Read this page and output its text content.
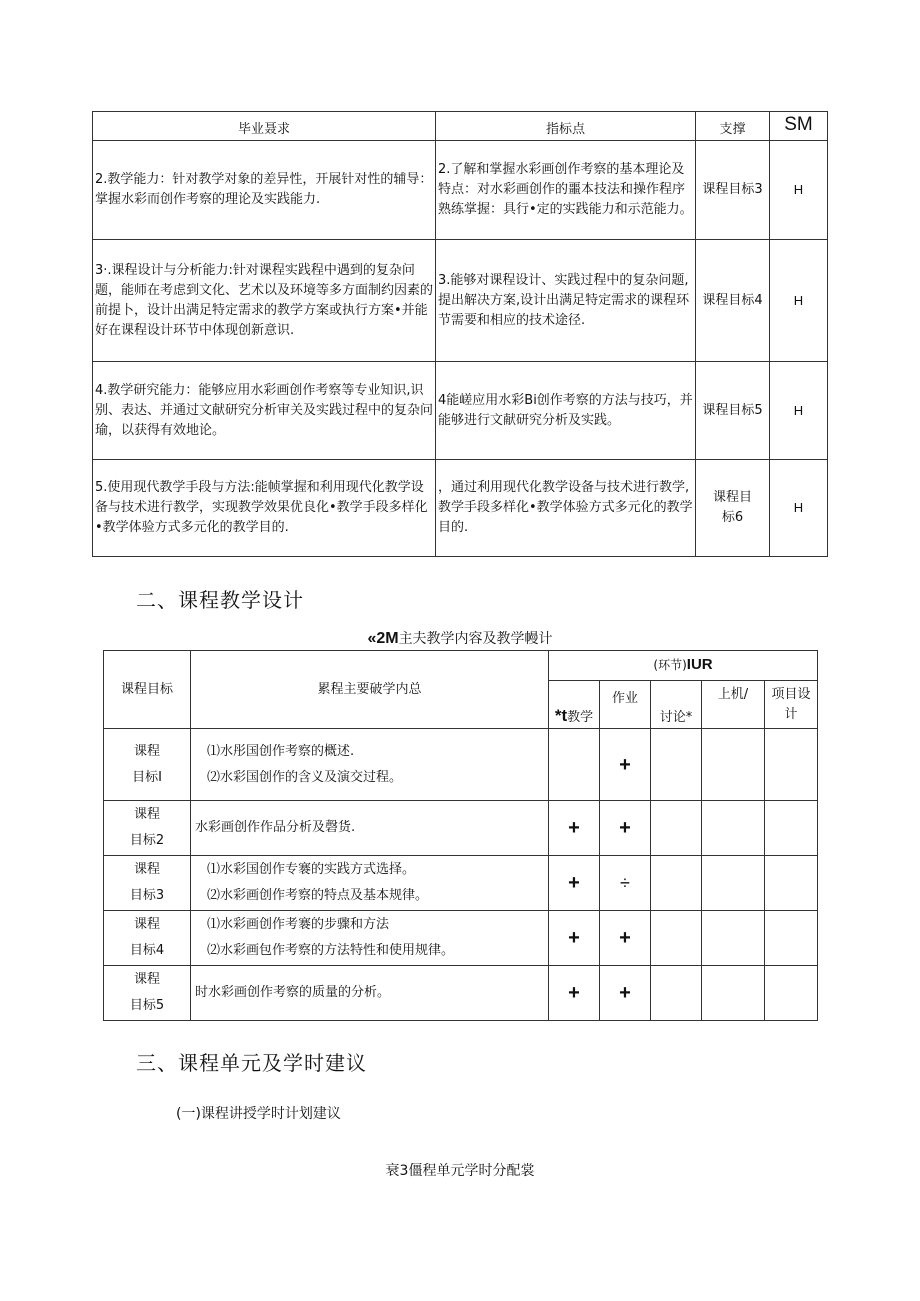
毕业聂求	指标点	支撑	SM
2.教学能力：针对教学对象的差异性，开展针对性的辅导：掌握水彩而创作考察的理论及实践能力.	2.了解和掌握水彩画创作考察的基本理论及特点：对水彩画创作的噩本技法和操作程序熟练掌握：具行•定的实践能力和示范能力。	课程目标3	H
3·.课程设计与分析能力:针对课程实践程中遇到的复杂问题，能师在考虑到文化、艺术以及环境等多方面制约因素的前提卜，设计出满足特定需求的教学方案或执行方案•并能好在课程设计环节中体现创新意识.	3.能够对课程设计、实践过程中的复杂问题,提出解决方案,设计出满足特定需求的课程环节需要和相应的技术途径.	课程目标4	H
4.教学研究能力：能够应用水彩画创作考察等专业知识,识别、表达、并通过文献研究分析审关及实践过程中的复杂问瑜，以获得有效地论。	4能嵯应用水彩Bi创作考察的方法与技巧，并能够进行文献研究分析及实践。	课程目标5	H
5.使用现代教学手段与方法:能帧掌握和利用现代化教学设备与技术进行教学，实现教学效果优良化•教学手段多样化•教学体验方式多元化的教学目的.	，通过利用现代化教学设备与技术进行教学,教学手段多样化•教学体验方式多元化的教学目的.	课程目标6	H
二、课程教学设计
«2M主夫教学内容及教学幔计
课程目标	累程主要破学内总	(环节)IUR				
		*t教学	作业	讨论*	上机/	项目设计
课程
目标I	⑴水彤国创作考察的概述.
⑵水彩国创作的含义及演交过程。		+			
课程
目标2	水彩画创作作品分析及磬货.	+	+			
课程
目标3	⑴水彩国创作专褰的实践方式选择。
⑵水彩画创作考察的特点及基本规律。	+	÷			
课程
目标4	⑴水彩画创作考褰的步骤和方法
⑵水彩画包作考察的方法特性和使用规律。	+	+			
课程
目标5	时水彩画创作考察的质量的分析。	+	+			
三、课程单元及学时建议
(一)课程讲授学时计划建议
衰3僵程单元学时分配裳
